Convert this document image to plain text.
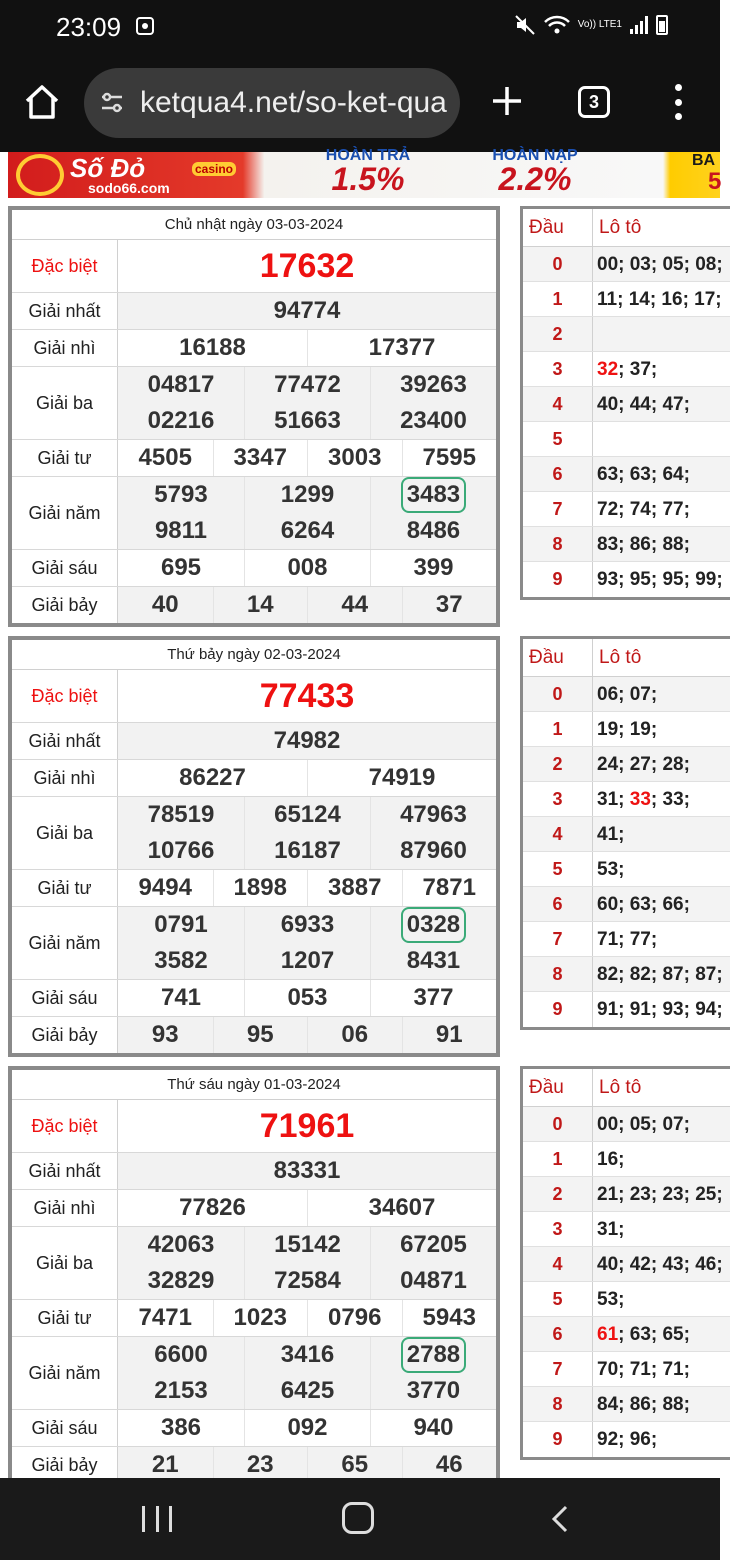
23:09	Vo)) LTE1
ketqua4.net/so-ket-qua	3
Số Đỏ	casino
sodo66.com
HOÀN TRẢ
1.5%
HOÀN NẠP
2.2%
BA
5
Chủ nhật ngày 03-03-2024
Đặc biệt	17632
Giải nhất	94774
Giải nhì	16188	17377
Giải ba
04817	77472	39263
02216	51663	23400
Giải tư	4505	3347	3003	7595
Giải năm
5793	1299	3483
9811	6264	8486
Giải sáu	695	008	399
Giải bảy	40	14	44	37
Đầu	Lô tô
0	00; 03; 05; 08;
1	11; 14; 16; 17;
2
3	32; 37;
4	40; 44; 47;
5
6	63; 63; 64;
7	72; 74; 77;
8	83; 86; 88;
9	93; 95; 95; 99;
Thứ bảy ngày 02-03-2024
Đặc biệt	77433
Giải nhất	74982
Giải nhì	86227	74919
Giải ba
78519	65124	47963
10766	16187	87960
Giải tư	9494	1898	3887	7871
Giải năm
0791	6933	0328
3582	1207	8431
Giải sáu	741	053	377
Giải bảy	93	95	06	91
Đầu	Lô tô
0	06; 07;
1	19; 19;
2	24; 27; 28;
3	31; 33; 33;
4	41;
5	53;
6	60; 63; 66;
7	71; 77;
8	82; 82; 87; 87;
9	91; 91; 93; 94;
Thứ sáu ngày 01-03-2024
Đặc biệt	71961
Giải nhất	83331
Giải nhì	77826	34607
Giải ba
42063	15142	67205
32829	72584	04871
Giải tư	7471	1023	0796	5943
Giải năm
6600	3416	2788
2153	6425	3770
Giải sáu	386	092	940
Giải bảy	21	23	65	46
Đầu	Lô tô
0	00; 05; 07;
1	16;
2	21; 23; 23; 25;
3	31;
4	40; 42; 43; 46;
5	53;
6	61; 63; 65;
7	70; 71; 71;
8	84; 86; 88;
9	92; 96;
